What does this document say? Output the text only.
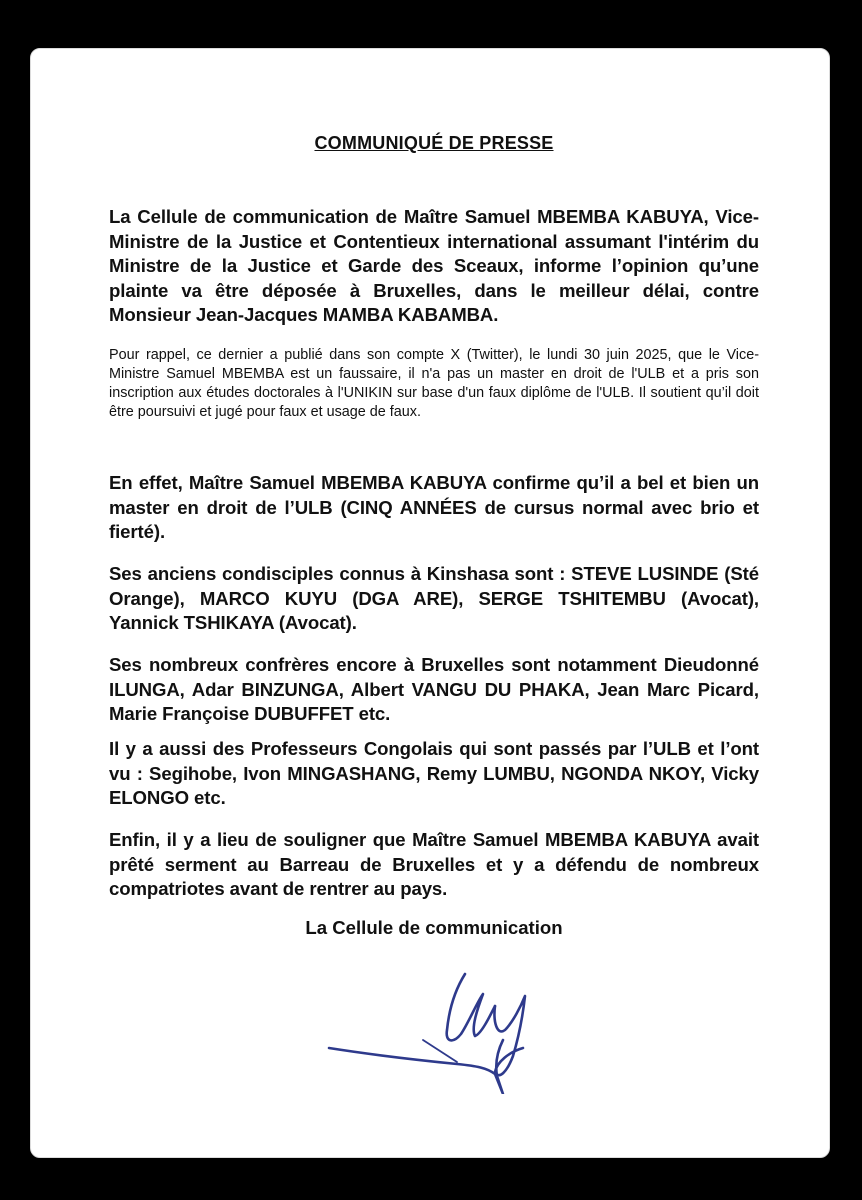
COMMUNIQUÉ DE PRESSE

La Cellule de communication de Maître Samuel MBEMBA KABUYA, Vice-Ministre de la Justice et Contentieux international assumant l'intérim du Ministre de la Justice et Garde des Sceaux, informe l’opinion qu’une plainte va être déposée à Bruxelles, dans le meilleur délai, contre Monsieur Jean-Jacques MAMBA KABAMBA.

Pour rappel, ce dernier a publié dans son compte X (Twitter), le lundi 30 juin 2025, que le Vice-Ministre Samuel MBEMBA est un faussaire, il n'a pas un master en droit de l'ULB et a pris son inscription aux études doctorales à l'UNIKIN sur base d'un faux diplôme de l'ULB. Il soutient qu’il doit être poursuivi et jugé pour faux et usage de faux.

En effet, Maître Samuel MBEMBA KABUYA confirme qu’il a bel et bien un master en droit de l’ULB (CINQ ANNÉES de cursus normal avec brio et fierté).

Ses anciens condisciples connus à Kinshasa sont : STEVE LUSINDE (Sté Orange), MARCO KUYU (DGA ARE), SERGE TSHITEMBU (Avocat), Yannick TSHIKAYA (Avocat).

Ses nombreux confrères encore à Bruxelles sont notamment Dieudonné ILUNGA, Adar BINZUNGA, Albert VANGU DU PHAKA, Jean Marc Picard, Marie Françoise DUBUFFET etc.

Il y a aussi des Professeurs Congolais qui sont passés par l’ULB et l’ont vu : Segihobe, Ivon MINGASHANG, Remy LUMBU, NGONDA NKOY, Vicky ELONGO etc.

Enfin, il y a lieu de souligner que Maître Samuel MBEMBA KABUYA avait prêté serment au Barreau de Bruxelles et y a défendu de nombreux compatriotes avant de rentrer au pays.

La Cellule de communication
